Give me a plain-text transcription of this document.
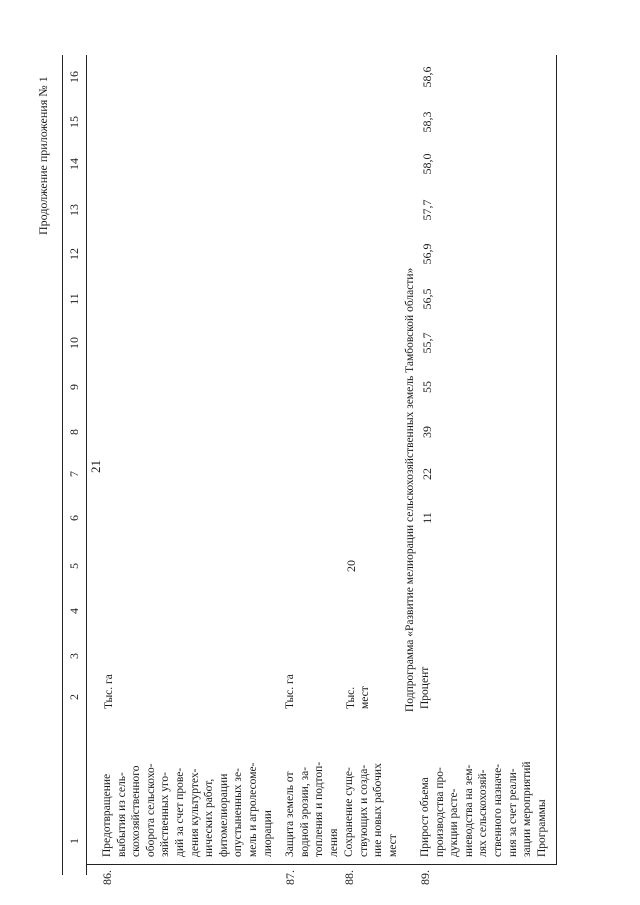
21
Продолжение приложения № 1
1
2
3
4
5
6
7
8
9
10
11
12
13
14
15
16
86.
Предотвращение выбытия из сель- скохозяйственного оборота сельскохо- зяйственных уго- дий за счет прове- дения культуртех- нических работ, фитомелиорации опустыненных зе- мель и агролесоме- лиорации
Тыс. га
87.
Защита земель от водной эрозии, за- топления и подтоп- ления
Тыс. га
88.
Сохранение суще- ствующих и созда- ние новых рабочих мест
Тыс. мест
20
89.
Прирост объема производства про- дукции расте- ниеводства на зем- лях сельскохозяй- ственного назначе- ния за счет реали- зации мероприятий Программы
Процент
11
22
39
55
55,7
56,5
56,9
57,7
58,0
58,3
58,6
Подпрограмма «Развитие мелиорации сельскохозяйственных земель Тамбовской области»
